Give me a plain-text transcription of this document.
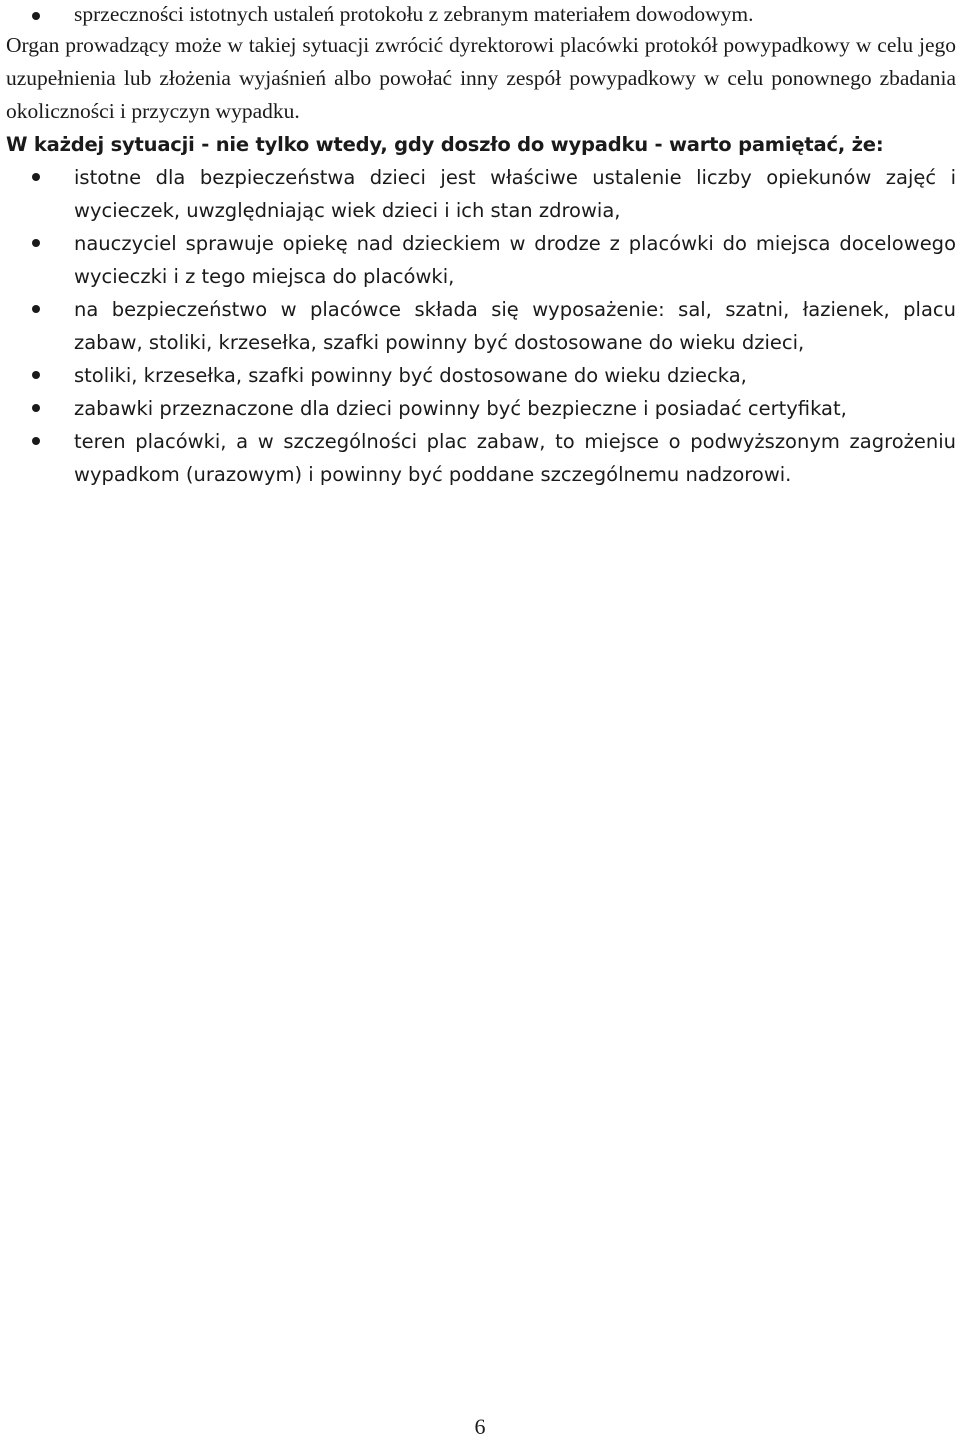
sprzeczności istotnych ustaleń protokołu z zebranym materiałem dowodowym.

Organ prowadzący może w takiej sytuacji zwrócić dyrektorowi placówki protokół powypadkowy w celu jego uzupełnienia lub złożenia wyjaśnień albo powołać inny zespół powypadkowy w celu ponownego zbadania okoliczności i przyczyn wypadku.

W każdej sytuacji - nie tylko wtedy, gdy doszło do wypadku - warto pamiętać, że:

istotne dla bezpieczeństwa dzieci jest właściwe ustalenie liczby opiekunów zajęć i wycieczek, uwzględniając wiek dzieci i ich stan zdrowia,
nauczyciel sprawuje opiekę nad dzieckiem w drodze z placówki do miejsca docelowego wycieczki i z tego miejsca do placówki,
na bezpieczeństwo w placówce składa się wyposażenie: sal, szatni, łazienek, placu zabaw, stoliki, krzesełka, szafki powinny być dostosowane do wieku dzieci,
stoliki, krzesełka, szafki powinny być dostosowane do wieku dziecka,
zabawki przeznaczone dla dzieci powinny być bezpieczne i posiadać certyfikat,
teren placówki, a w szczególności plac zabaw, to miejsce o podwyższonym zagrożeniu wypadkom (urazowym) i powinny być poddane szczególnemu nadzorowi.
6
